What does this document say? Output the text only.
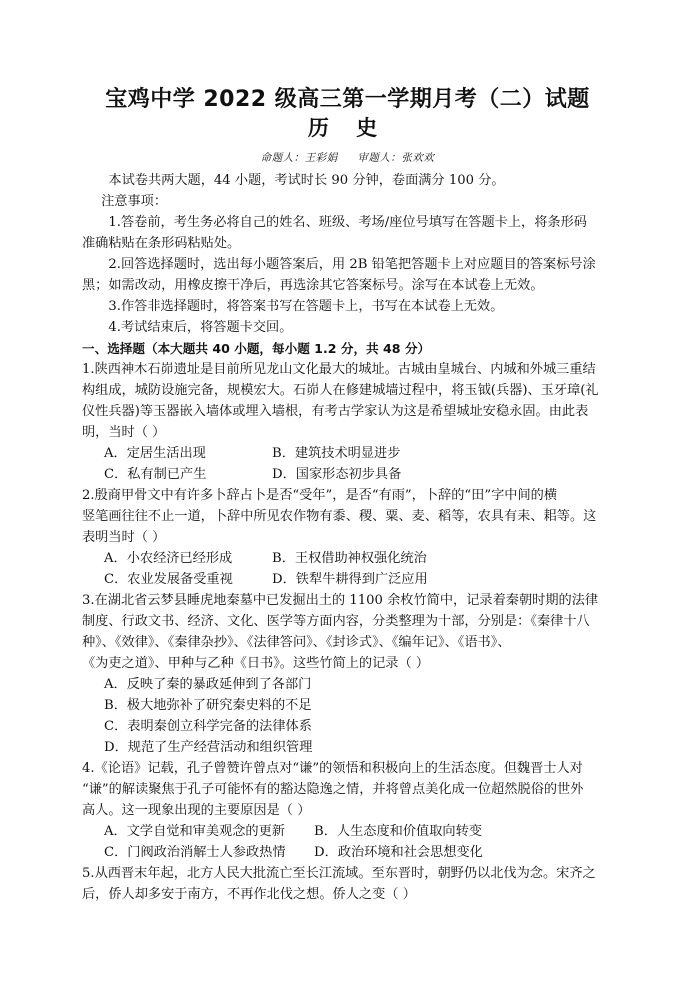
宝鸡中学 2022 级高三第一学期月考（二）试题
历 史
命题人：王彩娟 审题人：张欢欢

本试卷共两大题，44 小题，考试时长 90 分钟，卷面满分 100 分。

注意事项：

1.答卷前，考生务必将自己的姓名、班级、考场/座位号填写在答题卡上，将条形码

准确粘贴在条形码粘贴处。

2.回答选择题时，选出每小题答案后，用 2B 铅笔把答题卡上对应题目的答案标号涂

黑；如需改动，用橡皮擦干净后，再选涂其它答案标号。涂写在本试卷上无效。

3.作答非选择题时，将答案书写在答题卡上，书写在本试卷上无效。

4.考试结束后，将答题卡交回。

一、选择题（本大题共 40 小题，每小题 1.2 分，共 48 分）

1.陕西神木石峁遗址是目前所见龙山文化最大的城址。古城由皇城台、内城和外城三重结

构组成，城防设施完备，规模宏大。石峁人在修建城墙过程中，将玉钺(兵器)、玉牙璋(礼

仪性兵器)等玉器嵌入墙体或埋入墙根，有考古学家认为这是希望城址安稳永固。由此表

明，当时（ ）

A．定居生活出现	B．建筑技术明显进步
C．私有制已产生	D．国家形态初步具备

2.殷商甲骨文中有许多卜辞占卜是否“受年”，是否“有雨”，卜辞的“田”字中间的横

竖笔画往往不止一道，卜辞中所见农作物有黍、稷、粟、麦、稻等，农具有耒、耜等。这

表明当时（ ）

A．小农经济已经形成	B．王权借助神权强化统治
C．农业发展备受重视	D．铁犁牛耕得到广泛应用

3.在湖北省云梦县睡虎地秦墓中已发掘出土的 1100 余枚竹简中，记录着秦朝时期的法律

制度、行政文书、经济、文化、医学等方面内容，分类整理为十部，分别是：《秦律十八

种》、《效律》、《秦律杂抄》、《法律答问》、《封诊式》、《编年记》、《语书》、

《为吏之道》、甲种与乙种《日书》。这些竹简上的记录（ ）

A．反映了秦的暴政延伸到了各部门
B．极大地弥补了研究秦史料的不足
C．表明秦创立科学完备的法律体系
D．规范了生产经营活动和组织管理

4.《论语》记载，孔子曾赞许曾点对“谦”的领悟和积极向上的生活态度。但魏晋士人对

“谦”的解读聚焦于孔子可能怀有的豁达隐逸之情，并将曾点美化成一位超然脱俗的世外

高人。这一现象出现的主要原因是（ ）

A．文学自觉和审美观念的更新	B．人生态度和价值取向转变
C．门阀政治消解士人参政热情	D．政治环境和社会思想变化

5.从西晋末年起，北方人民大批流亡至长江流域。至东晋时，朝野仍以北伐为念。宋齐之

后，侨人却多安于南方，不再作北伐之想。侨人之变（ ）
